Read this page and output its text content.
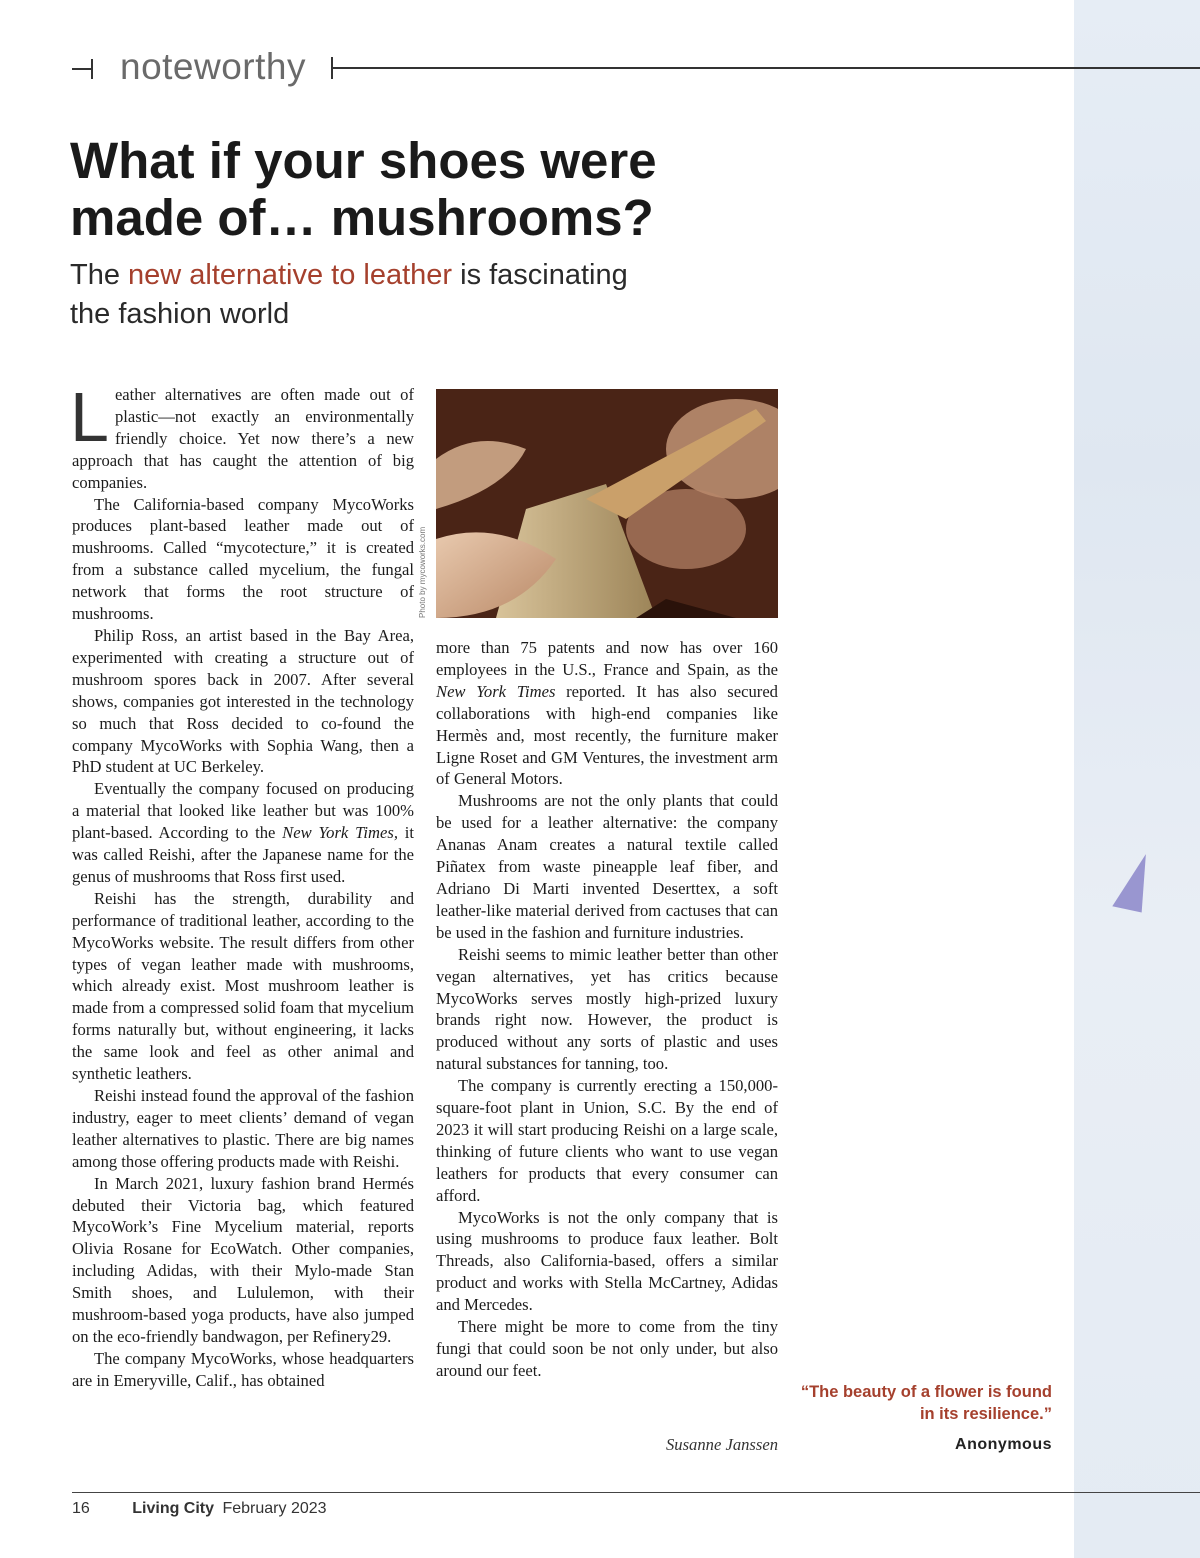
noteworthy
What if your shoes were made of… mushrooms?

The new alternative to leather is fascinating the fashion world

Leather alternatives are often made out of plastic—not exactly an environmentally friendly choice. Yet now there’s a new approach that has caught the attention of big companies.

The California-based company MycoWorks produces plant-based leather made out of mushrooms. Called “mycotecture,” it is created from a substance called mycelium, the fungal network that forms the root structure of mushrooms.

Philip Ross, an artist based in the Bay Area, experimented with creating a structure out of mushroom spores back in 2007. After several shows, companies got interested in the technology so much that Ross decided to co-found the company MycoWorks with Sophia Wang, then a PhD student at UC Berkeley.

Eventually the company focused on producing a material that looked like leather but was 100% plant-based. According to the New York Times, it was called Reishi, after the Japanese name for the genus of mushrooms that Ross first used.

Reishi has the strength, durability and performance of traditional leather, according to the MycoWorks website. The result differs from other types of vegan leather made with mushrooms, which already exist. Most mushroom leather is made from a compressed solid foam that mycelium forms naturally but, without engineering, it lacks the same look and feel as other animal and synthetic leathers.

Reishi instead found the approval of the fashion industry, eager to meet clients’ demand of vegan leather alternatives to plastic. There are big names among those offering products made with Reishi.

In March 2021, luxury fashion brand Hermés debuted their Victoria bag, which featured MycoWork’s Fine Mycelium material, reports Olivia Rosane for EcoWatch. Other companies, including Adidas, with their Mylo-made Stan Smith shoes, and Lululemon, with their mushroom-based yoga products, have also jumped on the eco-friendly bandwagon, per Refinery29.

The company MycoWorks, whose headquarters are in Emeryville, Calif., has obtained

Photo by mycoworks.com

more than 75 patents and now has over 160 employees in the U.S., France and Spain, as the New York Times reported. It has also secured collaborations with high-end companies like Hermès and, most recently, the furniture maker Ligne Roset and GM Ventures, the investment arm of General Motors.

Mushrooms are not the only plants that could be used for a leather alternative: the company Ananas Anam creates a natural textile called Piñatex from waste pineapple leaf fiber, and Adriano Di Marti invented Deserttex, a soft leather-like material derived from cactuses that can be used in the fashion and furniture industries.

Reishi seems to mimic leather better than other vegan alternatives, yet has critics because MycoWorks serves mostly high-prized luxury brands right now. However, the product is produced without any sorts of plastic and uses natural substances for tanning, too.

The company is currently erecting a 150,000-square-foot plant in Union, S.C. By the end of 2023 it will start producing Reishi on a large scale, thinking of future clients who want to use vegan leathers for products that every consumer can afford.

MycoWorks is not the only company that is using mushrooms to produce faux leather. Bolt Threads, also California-based, offers a similar product and works with Stella McCartney, Adidas and Mercedes.

There might be more to come from the tiny fungi that could soon be not only under, but also around our feet.

Susanne Janssen

“The beauty of a flower is found in its resilience.”

Anonymous
16	Living City February 2023
